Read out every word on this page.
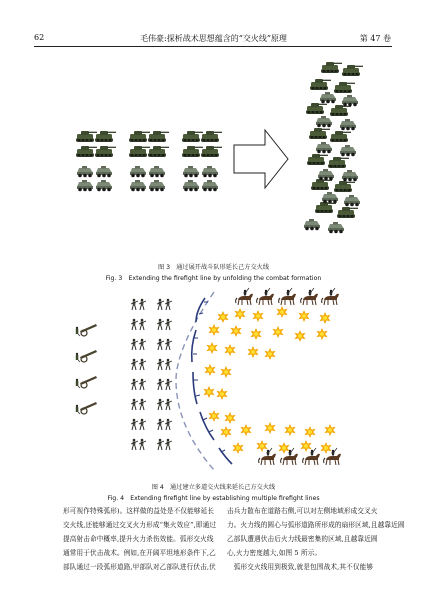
62	毛伟豪:探析战术思想蕴含的“交火线”原理	第 47 卷
图 3　通过展开战斗队形延长己方交火线
Fig. 3　Extending the firefight line by unfolding the combat formation
图 4　通过建立多道交火线来延长己方交火线
Fig. 4　Extending firefight line by establishing multiple firefight lines
形可视作特殊弧形)。这样做的益处是不仅能够延长
交火线,还能够通过交叉火力形成“集火效应”,即通过
提高射击命中概率,提升火力杀伤效能。弧形交火线
通常用于伏击战术。例如,在开阔平坦地形条件下,乙
部队通过一段弧形道路,甲部队对乙部队进行伏击,伏
击兵力散布在道路右侧,可以对左侧地域形成交叉火
力。火力线的圆心与弧形道路所形成的扇形区域,且越靠近圆
乙部队遭遇伏击后火力线最密集的区域,且越靠近圆
心,火力密度越大,如图 5 所示。
　弧形交火线用到极致,就是包围战术,其不仅能够
